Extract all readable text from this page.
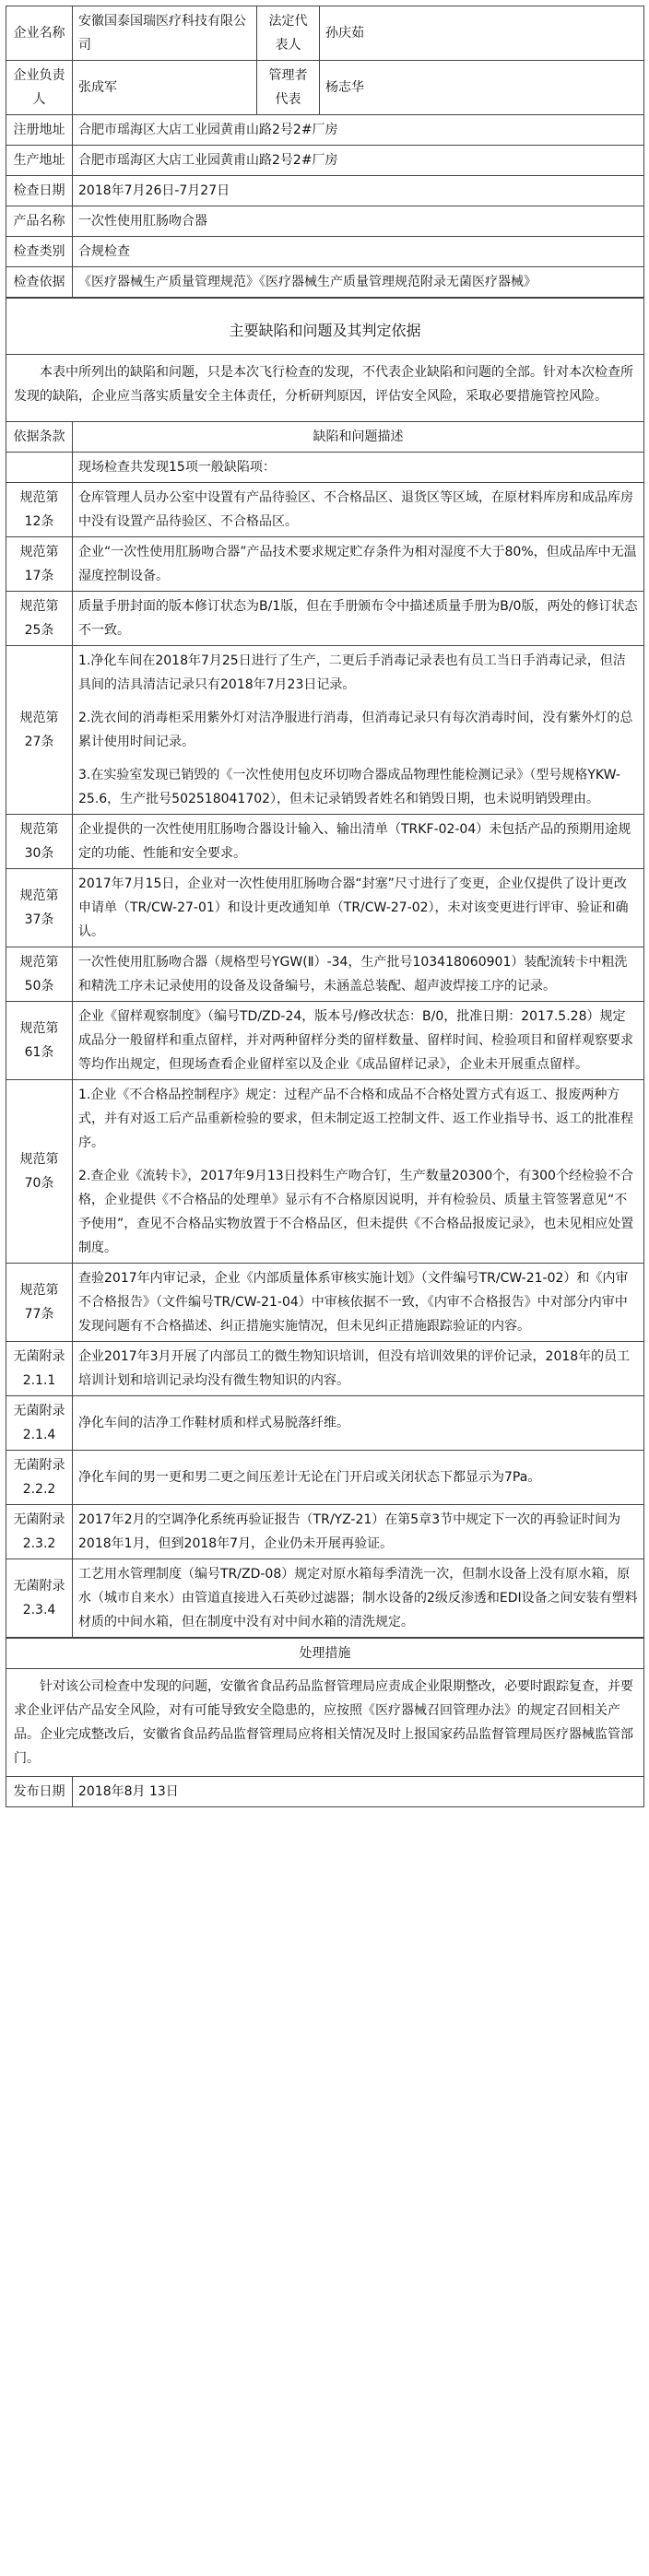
企业名称	安徽国泰国瑞医疗科技有限公司	法定代表人	孙庆茹
企业负责人	张成军	管理者代表	杨志华
注册地址	合肥市瑶海区大店工业园黄甫山路2号2#厂房		
生产地址	合肥市瑶海区大店工业园黄甫山路2号2#厂房		
检查日期	2018年7月26日-7月27日		
产品名称	一次性使用肛肠吻合器		
检查类别	合规检查		
检查依据	《医疗器械生产质量管理规范》《医疗器械生产质量管理规范附录无菌医疗器械》		
主要缺陷和问题及其判定依据	
本表中所列出的缺陷和问题，只是本次飞行检查的发现，不代表企业缺陷和问题的全部。针对本次检查所发现的缺陷，企业应当落实质量安全主体责任，分析研判原因，评估安全风险，采取必要措施管控风险。	
依据条款	缺陷和问题描述
	现场检查共发现15项一般缺陷项：
规范第12条	仓库管理人员办公室中设置有产品待验区、不合格品区、退货区等区域，在原材料库房和成品库房中没有设置产品待验区、不合格品区。

规范第17条	企业“一次性使用肛肠吻合器”产品技术要求规定贮存条件为相对湿度不大于80%，但成品库中无温湿度控制设备。

规范第25条	质量手册封面的版本修订状态为B/1版，但在手册颁布令中描述质量手册为B/0版，两处的修订状态不一致。

规范第27条	1.净化车间在2018年7月25日进行了生产，二更后手消毒记录表也有员工当日手消毒记录，但洁具间的洁具清洁记录只有2018年7月23日记录。
2.洗衣间的消毒柜采用紫外灯对洁净服进行消毒，但消毒记录只有每次消毒时间，没有紫外灯的总累计使用时间记录。
3.在实验室发现已销毁的《一次性使用包皮环切吻合器成品物理性能检测记录》（型号规格YKW-25.6，生产批号502518041702），但未记录销毁者姓名和销毁日期，也未说明销毁理由。

规范第30条	企业提供的一次性使用肛肠吻合器设计输入、输出清单（TRKF-02-04）未包括产品的预期用途规定的功能、性能和安全要求。

规范第37条	2017年7月15日，企业对一次性使用肛肠吻合器“封塞”尺寸进行了变更，企业仅提供了设计更改申请单（TR/CW-27-01）和设计更改通知单（TR/CW-27-02），未对该变更进行评审、验证和确认。

规范第50条	一次性使用肛肠吻合器（规格型号YGW(Ⅱ）-34，生产批号103418060901）装配流转卡中粗洗和精洗工序未记录使用的设备及设备编号，未涵盖总装配、超声波焊接工序的记录。

规范第61条	企业《留样观察制度》（编号TD/ZD-24，版本号/修改状态：B/0，批准日期：2017.5.28）规定成品分一般留样和重点留样，并对两种留样分类的留样数量、留样时间、检验项目和留样观察要求等均作出规定，但现场查看企业留样室以及企业《成品留样记录》，企业未开展重点留样。

规范第70条	1.企业《不合格品控制程序》规定：过程产品不合格和成品不合格处置方式有返工、报废两种方式，并有对返工后产品重新检验的要求，但未制定返工控制文件、返工作业指导书、返工的批准程序。
2.查企业《流转卡》，2017年9月13日投料生产吻合钉，生产数量20300个，有300个经检验不合格，企业提供《不合格品的处理单》显示有不合格原因说明，并有检验员、质量主管签署意见“不予使用”，查见不合格品实物放置于不合格品区，但未提供《不合格品报废记录》，也未见相应处置制度。

规范第77条	查验2017年内审记录，企业《内部质量体系审核实施计划》（文件编号TR/CW-21-02）和《内审不合格报告》（文件编号TR/CW-21-04）中审核依据不一致，《内审不合格报告》中对部分内审中发现问题有不合格描述、纠正措施实施情况，但未见纠正措施跟踪验证的内容。

无菌附录2.1.1	企业2017年3月开展了内部员工的微生物知识培训，但没有培训效果的评价记录，2018年的员工培训计划和培训记录均没有微生物知识的内容。

无菌附录2.1.4	净化车间的洁净工作鞋材质和样式易脱落纤维。

无菌附录2.2.2	净化车间的男一更和男二更之间压差计无论在门开启或关闭状态下都显示为7Pa。

无菌附录2.3.2	2017年2月的空调净化系统再验证报告（TR/YZ-21）在第5章3节中规定下一次的再验证时间为2018年1月，但到2018年7月，企业仍未开展再验证。

无菌附录2.3.4	工艺用水管理制度（编号TR/ZD-08）规定对原水箱每季清洗一次，但制水设备上没有原水箱，原水（城市自来水）由管道直接进入石英砂过滤器；制水设备的2级反渗透和EDI设备之间安装有塑料材质的中间水箱，但在制度中没有对中间水箱的清洗规定。
处理措施
针对该公司检查中发现的问题，安徽省食品药品监督管理局应责成企业限期整改，必要时跟踪复查，并要求企业评估产品安全风险，对有可能导致安全隐患的，应按照《医疗器械召回管理办法》的规定召回相关产品。企业完成整改后，安徽省食品药品监督管理局应将相关情况及时上报国家药品监督管理局医疗器械监管部门。
发布日期	2018年8月 13日
